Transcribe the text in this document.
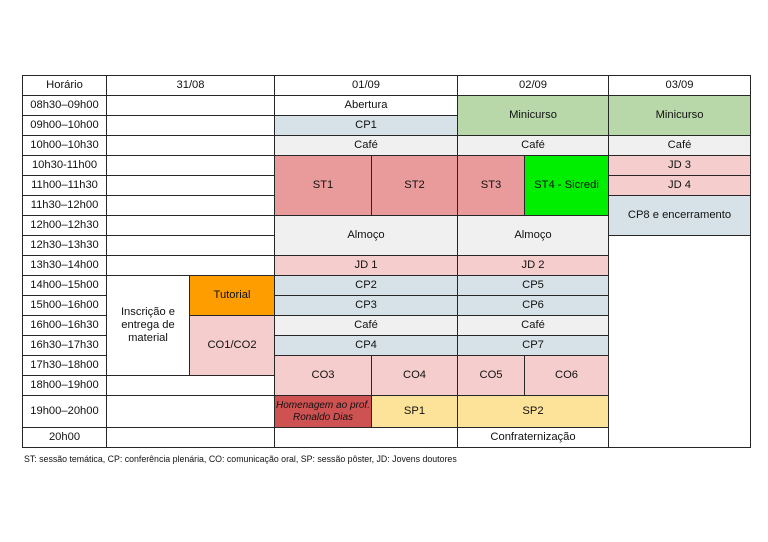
Horário	31/08		01/09		02/09		03/09
08h30–09h00			Abertura		Minicurso		Minicurso
09h00–10h00			CP1				
10h00–10h30			Café		Café		Café
10h30-11h00			ST1	ST2	ST3	ST4 - Sicredi	JD 3
11h00–11h30							JD 4
11h30–12h00							CP8 e encerramento
12h00–12h30			Almoço		Almoço		
12h30–13h30							
13h30–14h00			JD 1		JD 2		
14h00–15h00	Inscrição e entrega de material	Tutorial	CP2		CP5		
15h00–16h00			CP3		CP6		
16h00–16h30		CO1/CO2	Café		Café		
16h30–17h30			CP4		CP7		
17h30–18h00			CO3	CO4	CO5	CO6	
18h00–19h00							
19h00–20h00			Homenagem ao prof. Ronaldo Dias	SP1	SP2		
20h00					Confraternização		
ST: sessão temática, CP: conferência plenária, CO: comunicação oral, SP: sessão pôster, JD: Jovens doutores
